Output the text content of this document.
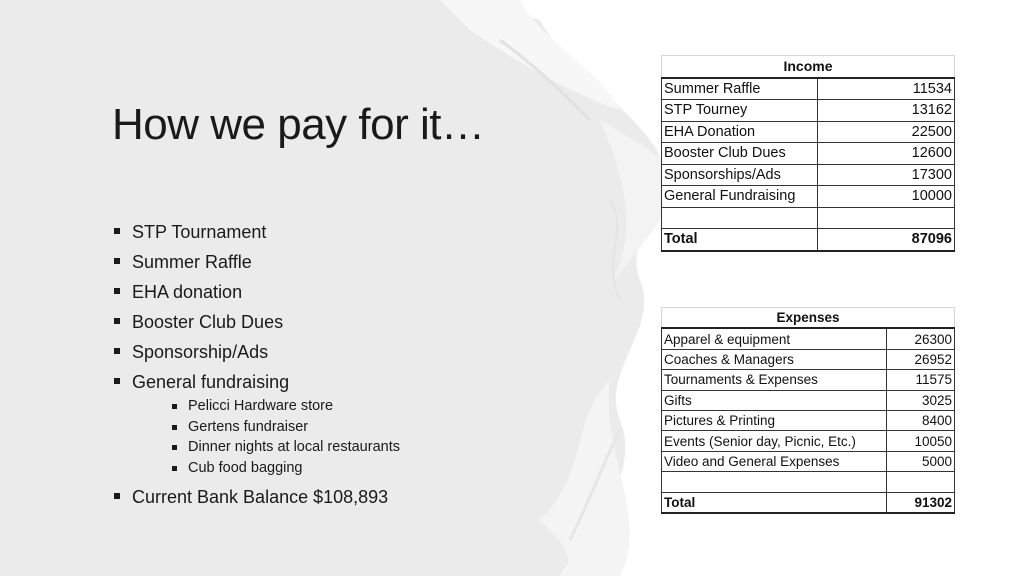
How we pay for it…
STP Tournament
Summer Raffle
EHA donation
Booster Club Dues
Sponsorship/Ads
General fundraising
Pelicci Hardware store
Gertens fundraiser
Dinner nights at local restaurants
Cub food bagging
Current Bank Balance $108,893
Income	
Summer Raffle	11534
STP Tourney	13162
EHA Donation	22500
Booster Club Dues	12600
Sponsorships/Ads	17300
General Fundraising	10000

Total	87096
Expenses	
Apparel & equipment	26300
Coaches & Managers	26952
Tournaments & Expenses	11575
Gifts	3025
Pictures & Printing	8400
Events (Senior day, Picnic, Etc.)	10050
Video and General Expenses	5000

Total	91302
